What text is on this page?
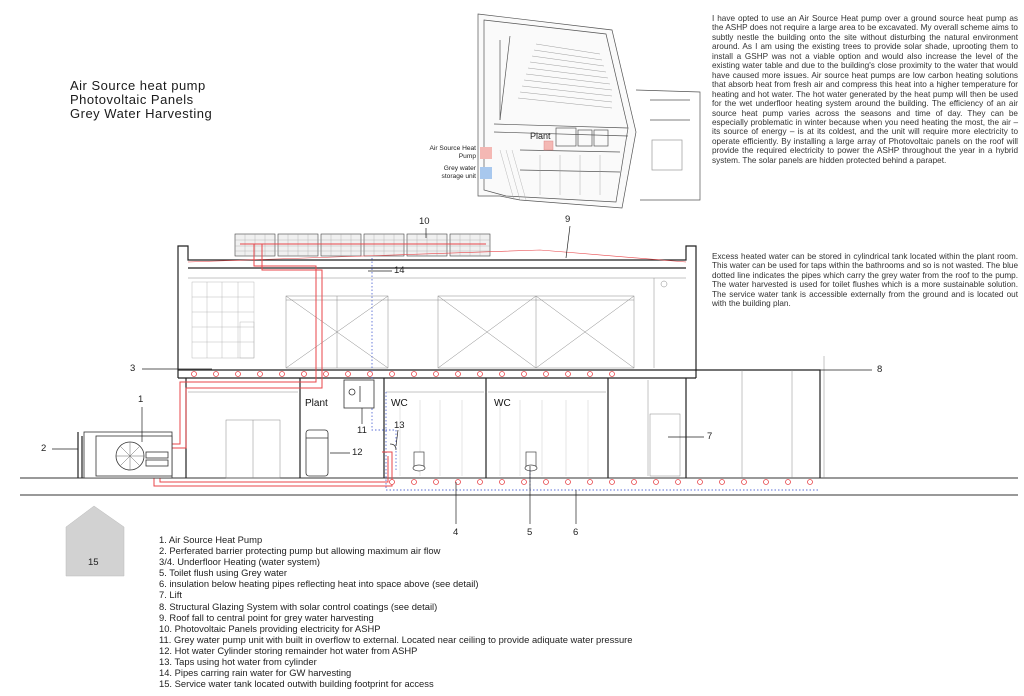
Air Source heat pump
Photovoltaic Panels
Grey Water Harvesting
I have opted to use an Air Source Heat pump over a ground source heat pump as the ASHP does not require a large area to be excavated. My overall scheme aims to subtly nestle the building onto the site without disturbing the natural environment around. As I am using the existing trees to provide solar shade, uprooting them to install a GSHP was not a viable option and would also increase the level of the existing water table and due to the building's close proximity to the water that would have caused more issues. Air source heat pumps are low carbon heating solutions that absorb heat from fresh air and compress this heat into a higher temperature for heating and hot water. The hot water generated by the heat pump will then be used for the wet underfloor heating system around the building. The efficiency of an air source heat pump varies across the seasons and time of day. They can be especially problematic in winter because when you need heating the most, the air – its source of energy – is at its coldest, and the unit will require more electricity to operate efficiently. By installing a large array of Photovoltaic panels on the roof will provide the required electricity to power the ASHP throughout the year in a hybrid system. The solar panels are hidden protected behind a parapet.
Excess heated water can be stored in cylindrical tank located within the plant room. This water can be used for taps within the bathrooms and so is not wasted. The blue dotted line indicates the pipes which carry the grey water from the roof to the pump. The water harvested is used for toilet flushes which is a more sustainable solution. The service water tank is accessible externally from the ground and is located out with the building plan.
Plant
Air Source Heat Pump
Grey water storage unit
Plant	WC	WC
1
2
3
4	5	6
7
8
9
10
11
12
13
14
15
1. Air Source Heat Pump
2. Perferated barrier protecting pump but allowing maximum air flow
3/4. Underfloor Heating (water system)
5. Toilet flush using Grey water
6. insulation below heating pipes reflecting heat into space above (see detail)
7. Lift
8. Structural Glazing System with solar control coatings (see detail)
9. Roof fall to central point for grey water harvesting
10. Photovoltaic Panels providing electricity for ASHP
11. Grey water pump unit with built in overflow to external. Located near ceiling to provide adiquate water pressure
12. Hot water Cylinder storing remainder hot water from ASHP
13. Taps using hot water from cylinder
14. Pipes carring rain water for GW harvesting
15. Service water tank located outwith building footprint for access
